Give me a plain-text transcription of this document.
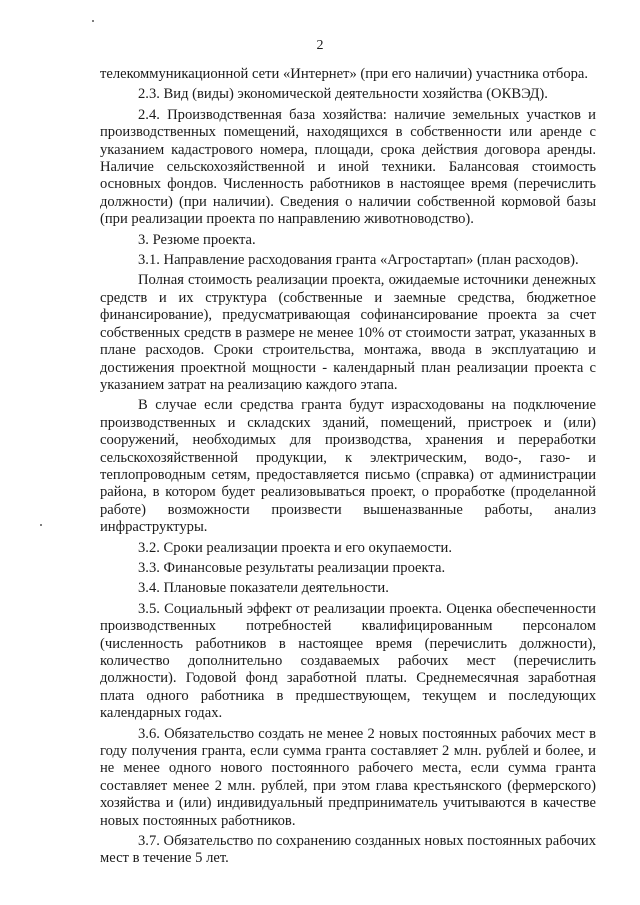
2

телекоммуникационной сети «Интернет» (при его наличии) участника отбора.

2.3. Вид (виды) экономической деятельности хозяйства (ОКВЭД).

2.4. Производственная база хозяйства: наличие земельных участков и производственных помещений, находящихся в собственности или аренде с указанием кадастрового номера, площади, срока действия договора аренды. Наличие сельскохозяйственной и иной техники. Балансовая стоимость основных фондов. Численность работников в настоящее время (перечислить должности) (при наличии). Сведения о наличии собственной кормовой базы (при реализации проекта по направлению животноводство).

3. Резюме проекта.

3.1. Направление расходования гранта «Агростартап» (план расходов).

Полная стоимость реализации проекта, ожидаемые источники денежных средств и их структура (собственные и заемные средства, бюджетное финансирование), предусматривающая софинансирование проекта за счет собственных средств в размере не менее 10% от стоимости затрат, указанных в плане расходов. Сроки строительства, монтажа, ввода в эксплуатацию и достижения проектной мощности - календарный план реализации проекта с указанием затрат на реализацию каждого этапа.

В случае если средства гранта будут израсходованы на подключение производственных и складских зданий, помещений, пристроек и (или) сооружений, необходимых для производства, хранения и переработки сельскохозяйственной продукции, к электрическим, водо-, газо- и теплопроводным сетям, предоставляется письмо (справка) от администрации района, в котором будет реализовываться проект, о проработке (проделанной работе) возможности произвести вышеназванные работы, анализ инфраструктуры.

3.2. Сроки реализации проекта и его окупаемости.

3.3. Финансовые результаты реализации проекта.

3.4. Плановые показатели деятельности.

3.5. Социальный эффект от реализации проекта. Оценка обеспеченности производственных потребностей квалифицированным персоналом (численность работников в настоящее время (перечислить должности), количество дополнительно создаваемых рабочих мест (перечислить должности). Годовой фонд заработной платы. Среднемесячная заработная плата одного работника в предшествующем, текущем и последующих календарных годах.

3.6. Обязательство создать не менее 2 новых постоянных рабочих мест в году получения гранта, если сумма гранта составляет 2 млн. рублей и более, и не менее одного нового постоянного рабочего места, если сумма гранта составляет менее 2 млн. рублей, при этом глава крестьянского (фермерского) хозяйства и (или) индивидуальный предприниматель учитываются в качестве новых постоянных работников.

3.7. Обязательство по сохранению созданных новых постоянных рабочих мест в течение 5 лет.
